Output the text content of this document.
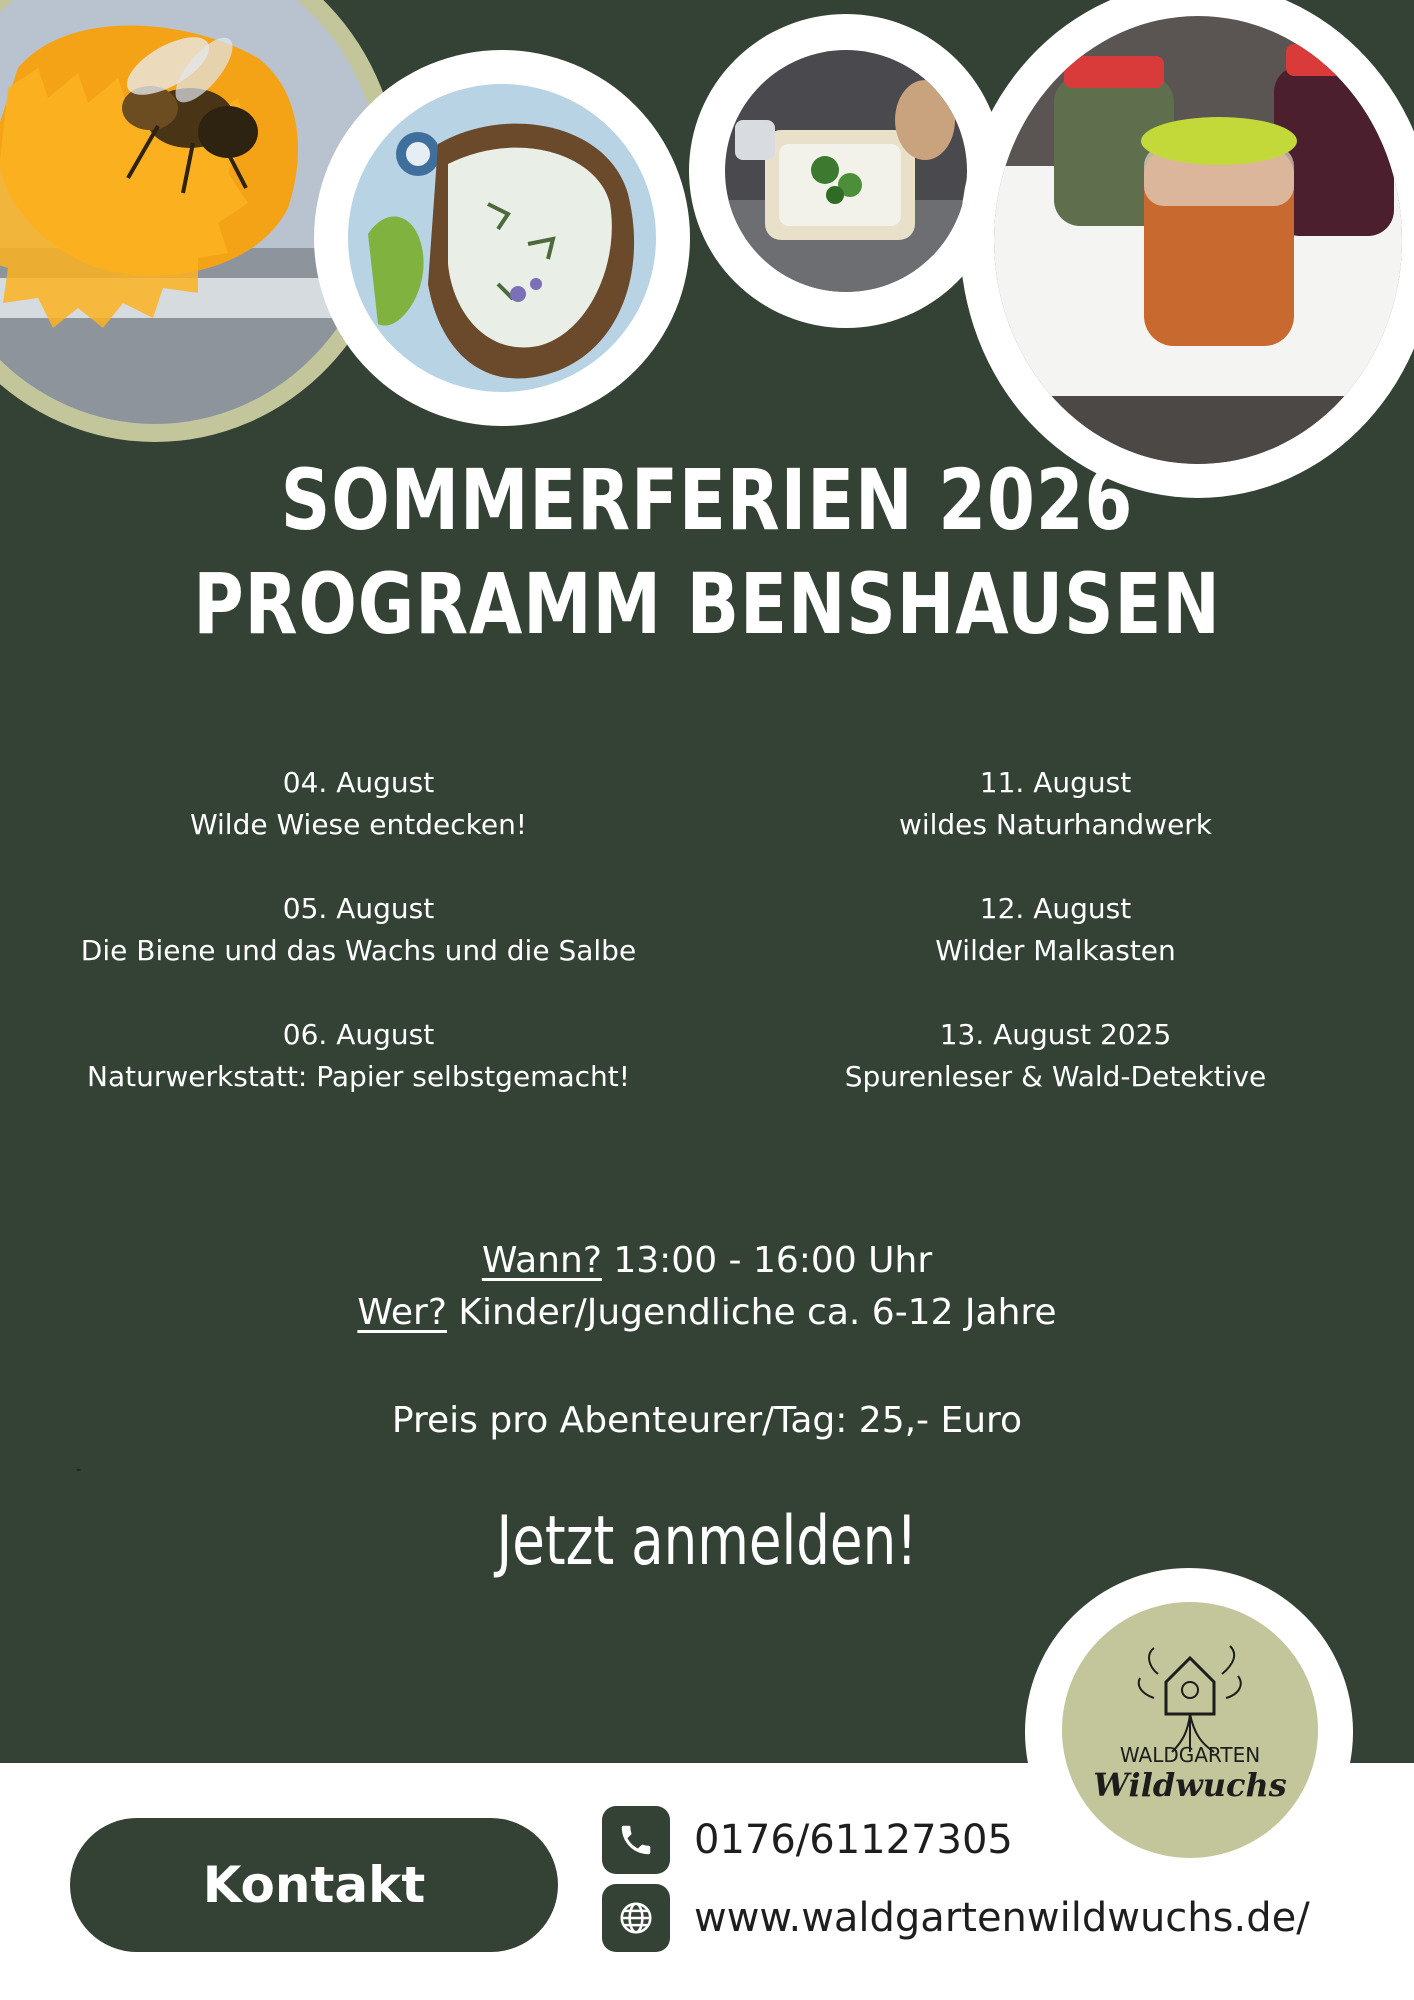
SOMMERFERIEN 2026
PROGRAMM BENSHAUSEN
04. August
Wilde Wiese entdecken!
11. August
wildes Naturhandwerk
05. August
Die Biene und das Wachs und die Salbe
12. August
Wilder Malkasten
06. August
Naturwerkstatt: Papier selbstgemacht!
13. August 2025
Spurenleser & Wald-Detektive
Wann? 13:00 - 16:00 Uhr
Wer? Kinder/Jugendliche ca. 6-12 Jahre
Preis pro Abenteurer/Tag: 25,- Euro
-
Jetzt anmelden!
WALDGARTEN
Wildwuchs
Kontakt
0176/61127305
www.waldgartenwildwuchs.de/
